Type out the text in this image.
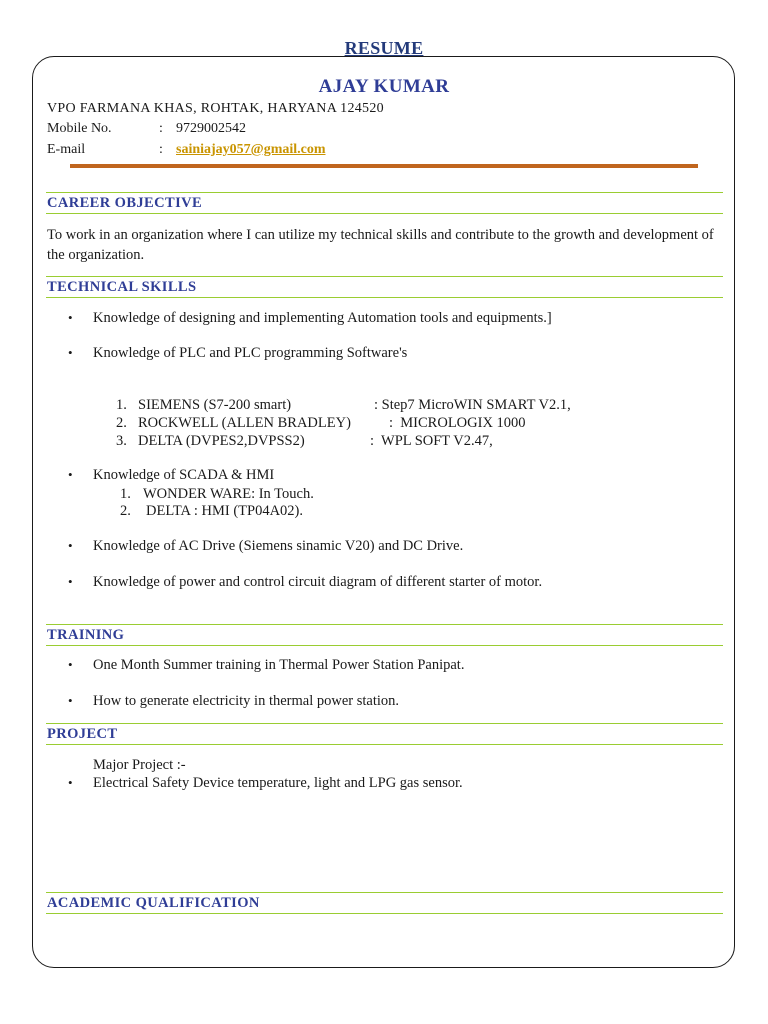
RESUME
AJAY KUMAR
VPO FARMANA KHAS, ROHTAK, HARYANA 124520
Mobile No.	: 9729002542
E-mail	: sainiajay057@gmail.com
CAREER OBJECTIVE

To work in an organization where I can utilize my technical skills and contribute to the growth and development of the organization.

TECHNICAL SKILLS
•	Knowledge of designing and implementing Automation tools and equipments.]
•	Knowledge of PLC and PLC programming Software's
1. SIEMENS (S7-200 smart)	: Step7 MicroWIN SMART V2.1,
2. ROCKWELL (ALLEN BRADLEY)	:  MICROLOGIX 1000
3. DELTA (DVPES2,DVPSS2)	:  WPL SOFT V2.47,
•	Knowledge of SCADA & HMI
1. WONDER WARE: In Touch.
2. DELTA : HMI (TP04A02).
•	Knowledge of AC Drive (Siemens sinamic V20) and DC Drive.
•	Knowledge of power and control circuit diagram of different starter of motor.
TRAINING
•	One Month Summer training in Thermal Power Station Panipat.
•	How to generate electricity in thermal power station.
PROJECT
Major Project :-
•	Electrical Safety Device temperature, light and LPG gas sensor.
ACADEMIC QUALIFICATION
